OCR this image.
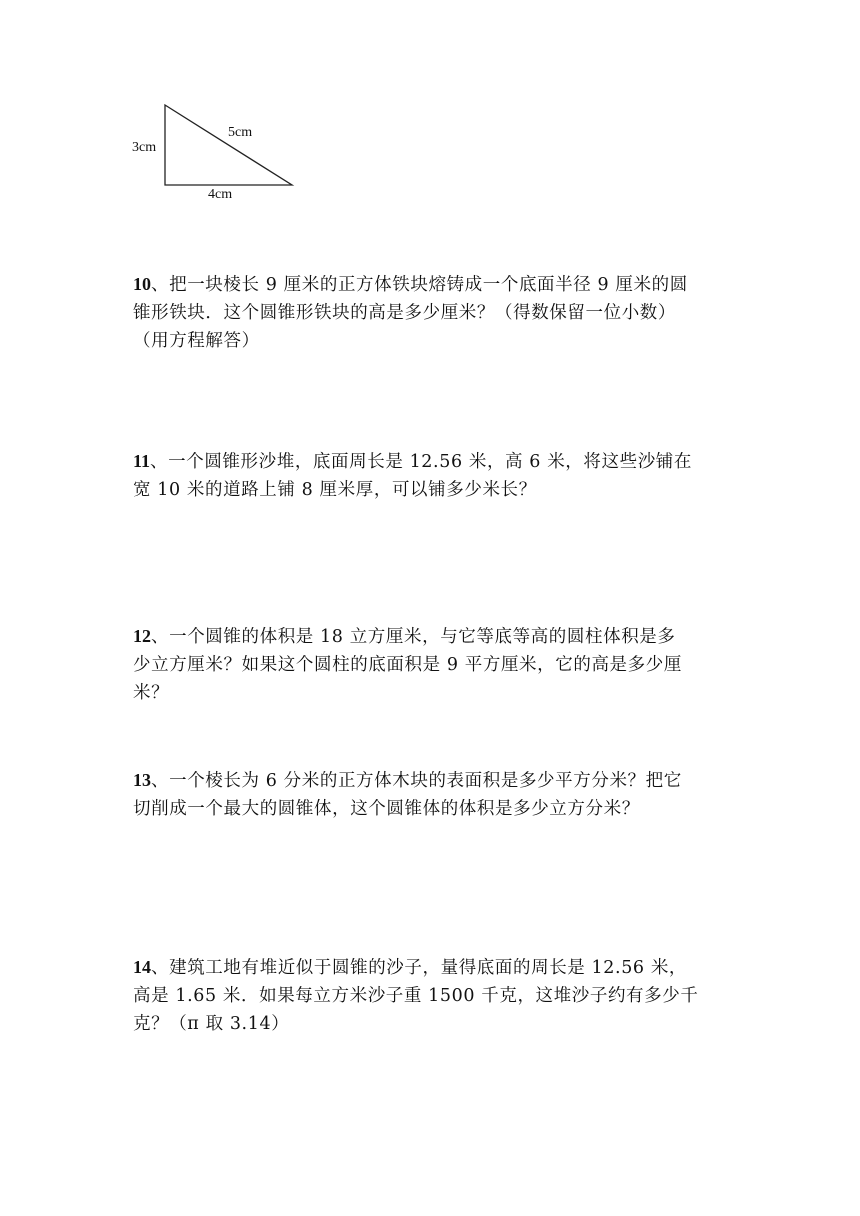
3cm
5cm
4cm
10、把一块棱长 9 厘米的正方体铁块熔铸成一个底面半径 9 厘米的圆
锥形铁块．这个圆锥形铁块的高是多少厘米？（得数保留一位小数）
（用方程解答）
11、一个圆锥形沙堆，底面周长是 12.56 米，高 6 米，将这些沙铺在
宽 10 米的道路上铺 8 厘米厚，可以铺多少米长？
12、一个圆锥的体积是 18 立方厘米，与它等底等高的圆柱体积是多
少立方厘米？如果这个圆柱的底面积是 9 平方厘米，它的高是多少厘
米？
13、一个棱长为 6 分米的正方体木块的表面积是多少平方分米？把它
切削成一个最大的圆锥体，这个圆锥体的体积是多少立方分米？
14、建筑工地有堆近似于圆锥的沙子，量得底面的周长是 12.56 米，
高是 1.65 米．如果每立方米沙子重 1500 千克，这堆沙子约有多少千
克？（π 取 3.14）
